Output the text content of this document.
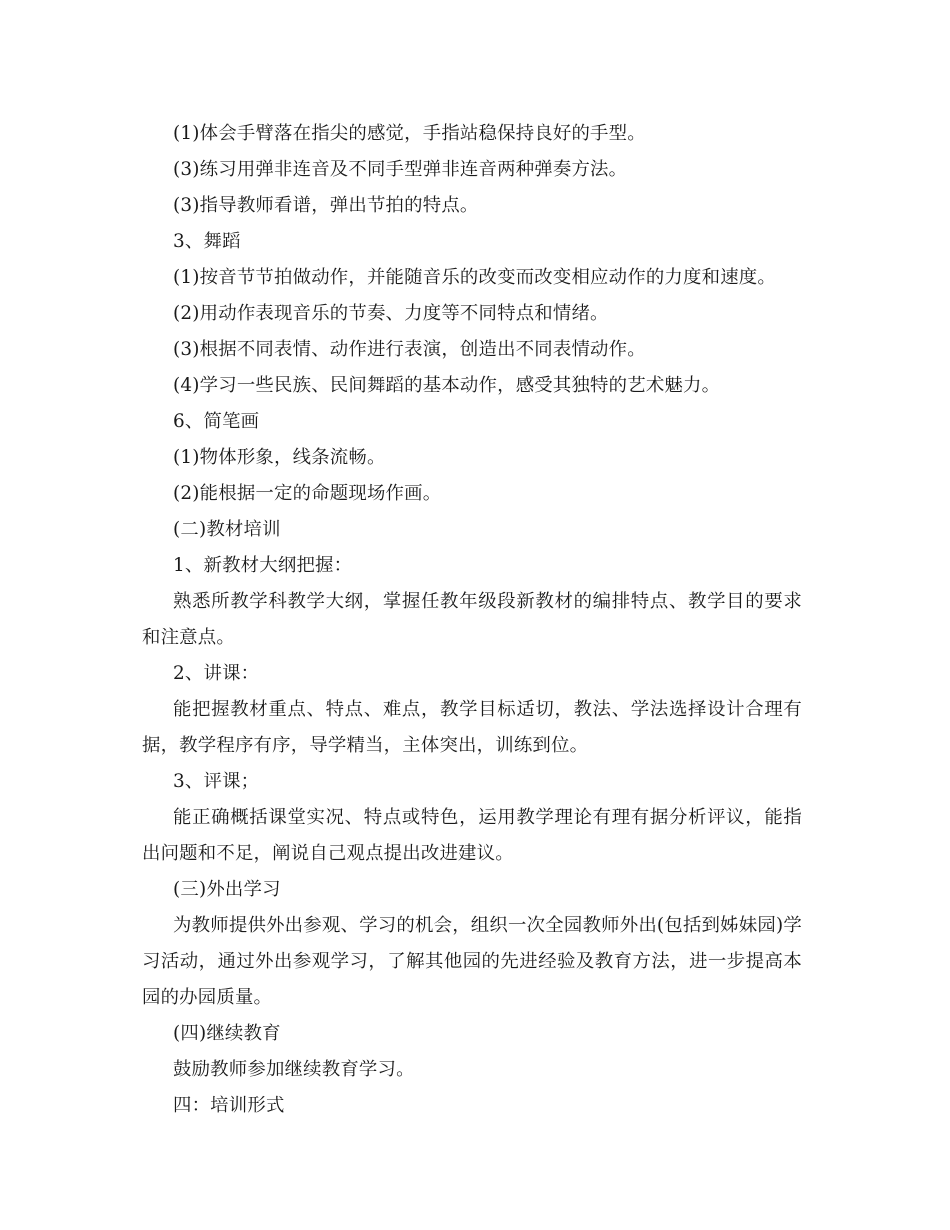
(1)体会手臂落在指尖的感觉，手指站稳保持良好的手型。

(3)练习用弹非连音及不同手型弹非连音两种弹奏方法。

(3)指导教师看谱，弹出节拍的特点。

3、舞蹈

(1)按音节节拍做动作，并能随音乐的改变而改变相应动作的力度和速度。

(2)用动作表现音乐的节奏、力度等不同特点和情绪。

(3)根据不同表情、动作进行表演，创造出不同表情动作。

(4)学习一些民族、民间舞蹈的基本动作，感受其独特的艺术魅力。

6、简笔画

(1)物体形象，线条流畅。

(2)能根据一定的命题现场作画。

(二)教材培训

1、新教材大纲把握：

熟悉所教学科教学大纲，掌握任教年级段新教材的编排特点、教学目的要求和注意点。

2、讲课：

能把握教材重点、特点、难点，教学目标适切，教法、学法选择设计合理有据，教学程序有序，导学精当，主体突出，训练到位。

3、评课；

能正确概括课堂实况、特点或特色，运用教学理论有理有据分析评议，能指出问题和不足，阐说自己观点提出改进建议。

(三)外出学习

为教师提供外出参观、学习的机会，组织一次全园教师外出(包括到姊妹园)学习活动，通过外出参观学习，了解其他园的先进经验及教育方法，进一步提高本园的办园质量。

(四)继续教育

鼓励教师参加继续教育学习。

四：培训形式
